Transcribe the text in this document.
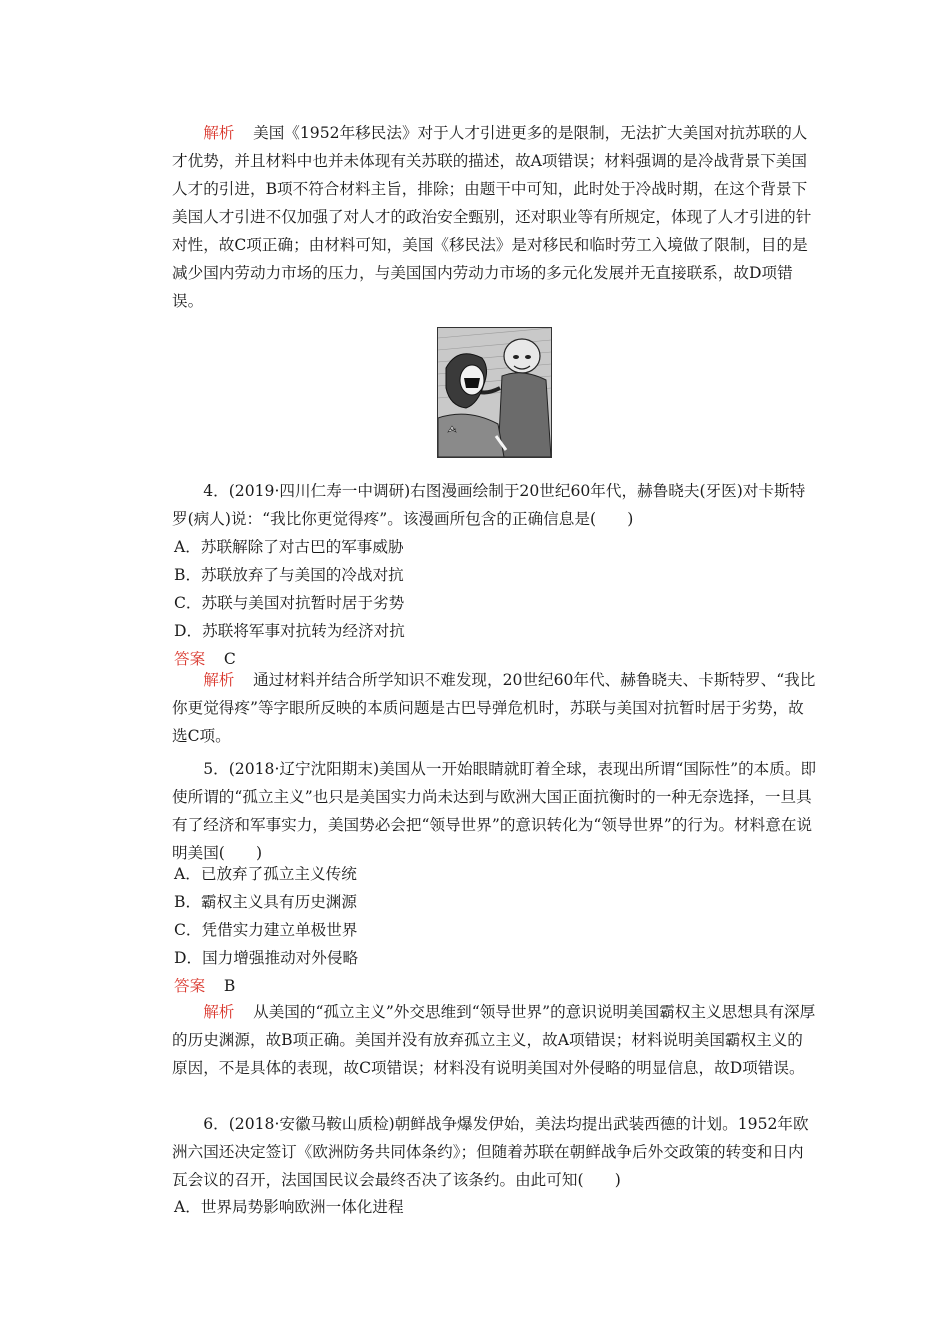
解析 美国《1952年移民法》对于人才引进更多的是限制，无法扩大美国对抗苏联的人才优势，并且材料中也并未体现有关苏联的描述，故A项错误；材料强调的是冷战背景下美国人才的引进，B项不符合材料主旨，排除；由题干中可知，此时处于冷战时期，在这个背景下美国人才引进不仅加强了对人才的政治安全甄别，还对职业等有所规定，体现了人才引进的针对性，故C项正确；由材料可知，美国《移民法》是对移民和临时劳工入境做了限制，目的是减少国内劳动力市场的压力，与美国国内劳动力市场的多元化发展并无直接联系，故D项错误。
4．(2019·四川仁寿一中调研)右图漫画绘制于20世纪60年代，赫鲁晓夫(牙医)对卡斯特罗(病人)说：“我比你更觉得疼”。该漫画所包含的正确信息是(　　)
A．苏联解除了对古巴的军事威胁
B．苏联放弃了与美国的冷战对抗
C．苏联与美国对抗暂时居于劣势
D．苏联将军事对抗转为经济对抗
答案 C
解析 通过材料并结合所学知识不难发现，20世纪60年代、赫鲁晓夫、卡斯特罗、“我比你更觉得疼”等字眼所反映的本质问题是古巴导弹危机时，苏联与美国对抗暂时居于劣势，故选C项。
5．(2018·辽宁沈阳期末)美国从一开始眼睛就盯着全球，表现出所谓“国际性”的本质。即使所谓的“孤立主义”也只是美国实力尚未达到与欧洲大国正面抗衡时的一种无奈选择，一旦具有了经济和军事实力，美国势必会把“领导世界”的意识转化为“领导世界”的行为。材料意在说明美国(　　)
A．已放弃了孤立主义传统
B．霸权主义具有历史渊源
C．凭借实力建立单极世界
D．国力增强推动对外侵略
答案 B
解析 从美国的“孤立主义”外交思维到“领导世界”的意识说明美国霸权主义思想具有深厚的历史渊源，故B项正确。美国并没有放弃孤立主义，故A项错误；材料说明美国霸权主义的原因，不是具体的表现，故C项错误；材料没有说明美国对外侵略的明显信息，故D项错误。
6．(2018·安徽马鞍山质检)朝鲜战争爆发伊始，美法均提出武装西德的计划。1952年欧洲六国还决定签订《欧洲防务共同体条约》；但随着苏联在朝鲜战争后外交政策的转变和日内瓦会议的召开，法国国民议会最终否决了该条约。由此可知(　　)
A．世界局势影响欧洲一体化进程
